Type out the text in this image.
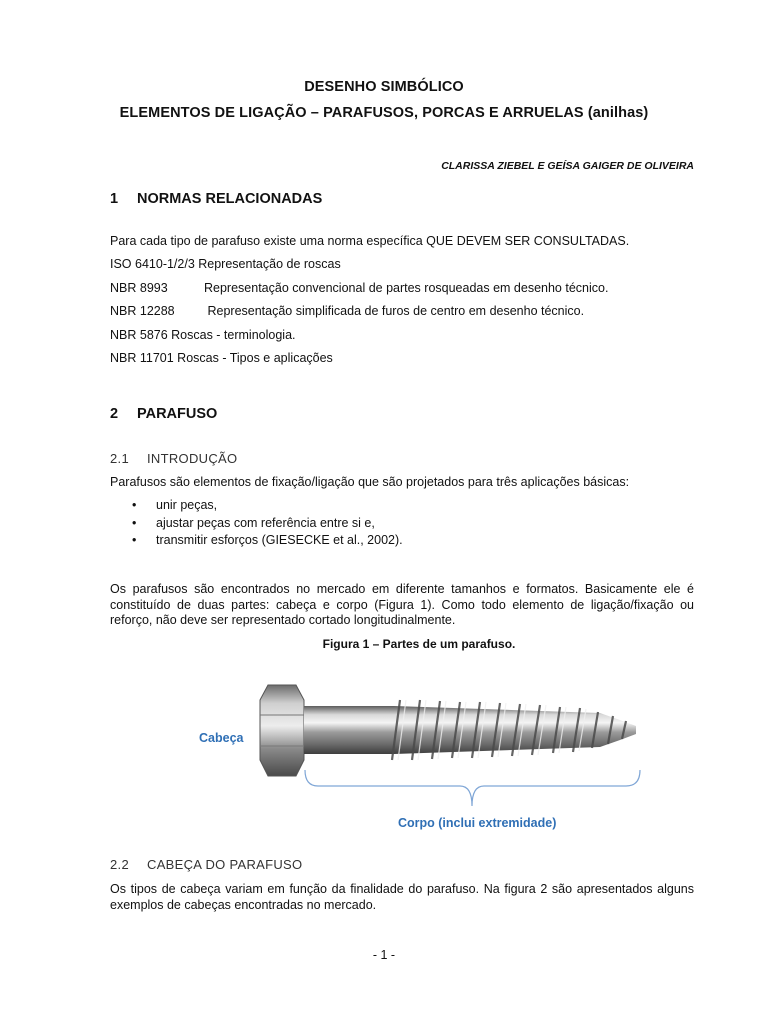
DESENHO SIMBÓLICO

ELEMENTOS DE LIGAÇÃO – PARAFUSOS, PORCAS E ARRUELAS (anilhas)

CLARISSA ZIEBEL E GEÍSA GAIGER DE OLIVEIRA

1 NORMAS RELACIONADAS

Para cada tipo de parafuso existe uma norma específica QUE DEVEM SER CONSULTADAS.

ISO 6410-1/2/3 Representação de roscas

NBR 8993	Representação convencional de partes rosqueadas em desenho técnico.

NBR 12288 Representação simplificada de furos de centro em desenho técnico.

NBR 5876 Roscas - terminologia.

NBR 11701 Roscas - Tipos e aplicações

2 PARAFUSO

2.1 INTRODUÇÃO

Parafusos são elementos de fixação/ligação que são projetados para três aplicações básicas:

• unir peças,
• ajustar peças com referência entre si e,
• transmitir esforços (GIESECKE et al., 2002).

Os parafusos são encontrados no mercado em diferente tamanhos e formatos. Basicamente ele é
constituído de duas partes: cabeça e corpo (Figura 1). Como todo elemento de ligação/fixação ou
reforço, não deve ser representado cortado longitudinalmente.

Figura 1 – Partes de um parafuso.

Cabeça
Corpo (inclui extremidade)

2.2 CABEÇA DO PARAFUSO

Os tipos de cabeça variam em função da finalidade do parafuso. Na figura 2 são apresentados alguns
exemplos de cabeças encontradas no mercado.

- 1 -
